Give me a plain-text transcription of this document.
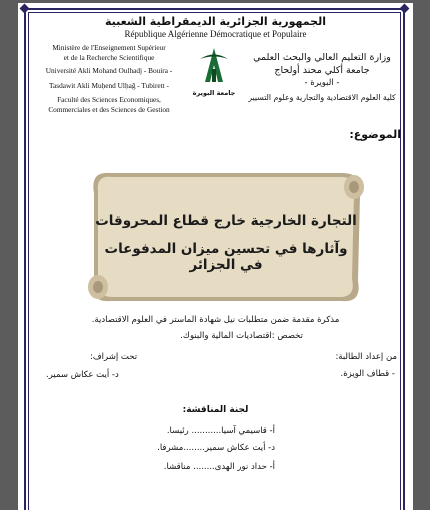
الجمهورية الجزائرية الديمقراطية الشعبية
République Algérienne Démocratique et Populaire
Ministère de l'Enseignement Supérieur
et de la Recherche Scientifique
Université Akli Mohand Oulhadj - Bouira -
Tasdawit Akli Muḥend Ulḥağ - Tubirett -
Faculté des Sciences Economiques,
Commerciales et des Sciences de Gestion
جامعة البويرة
وزارة التعليم العالي والبحث العلمي
جامعة أكلي محند أولحاج
- البويرة -
كلية العلوم الاقتصادية والتجارية وعلوم التسيير
الموضوع:
التجارة الخارجية خارج قطاع المحروقات
وآثارها في تحسين ميزان المدفوعات في الجزائر
مذكرة مقدمة ضمن متطلبات نيل شهادة الماستر في العلوم الاقتصادية.
تخصص :اقتصاديات المالية والبنوك.
من إعداد الطالبة:
- قطاف الويزة.
تحت إشراف:
د- أيت عكاش سمير.
لجنة المناقشة:
أ- قاسيمي آسيا........... رئيسا.
د- أيت عكاش سمير........مشرفا.
أ- حداد نور الهدى........ مناقشا.
